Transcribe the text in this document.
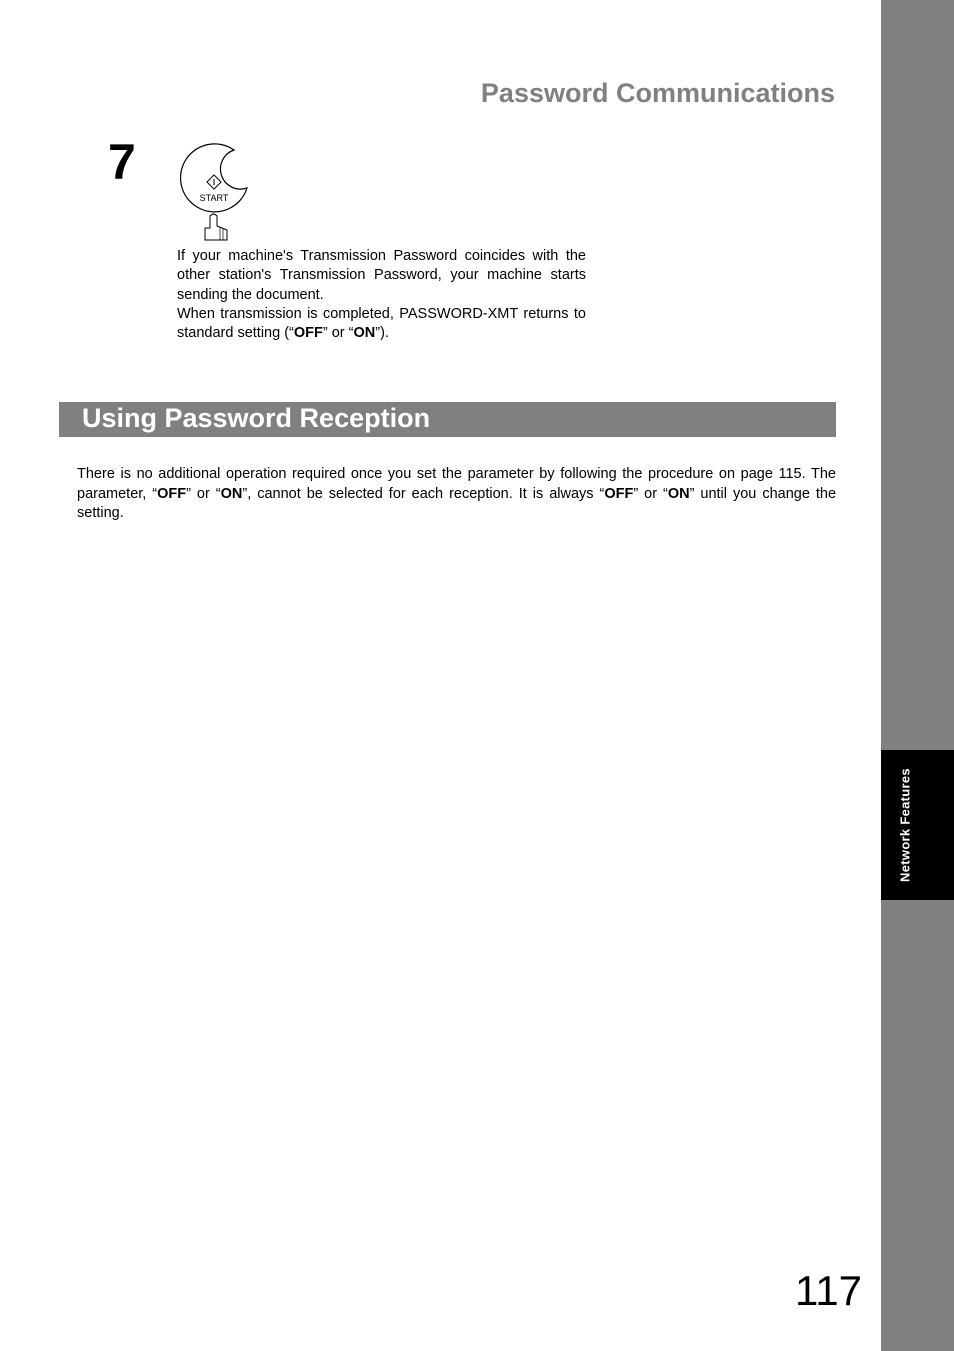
Network Features
Password Communications
7
START

If your machine's Transmission Password coincides with the other station's Transmission Password, your machine starts sending the document.

When transmission is completed, PASSWORD-XMT returns to standard setting (“OFF” or “ON”).

Using Password Reception

There is no additional operation required once you set the parameter by following the procedure on page 115. The parameter, “OFF” or “ON”, cannot be selected for each reception. It is always “OFF” or “ON” until you change the setting.

117
